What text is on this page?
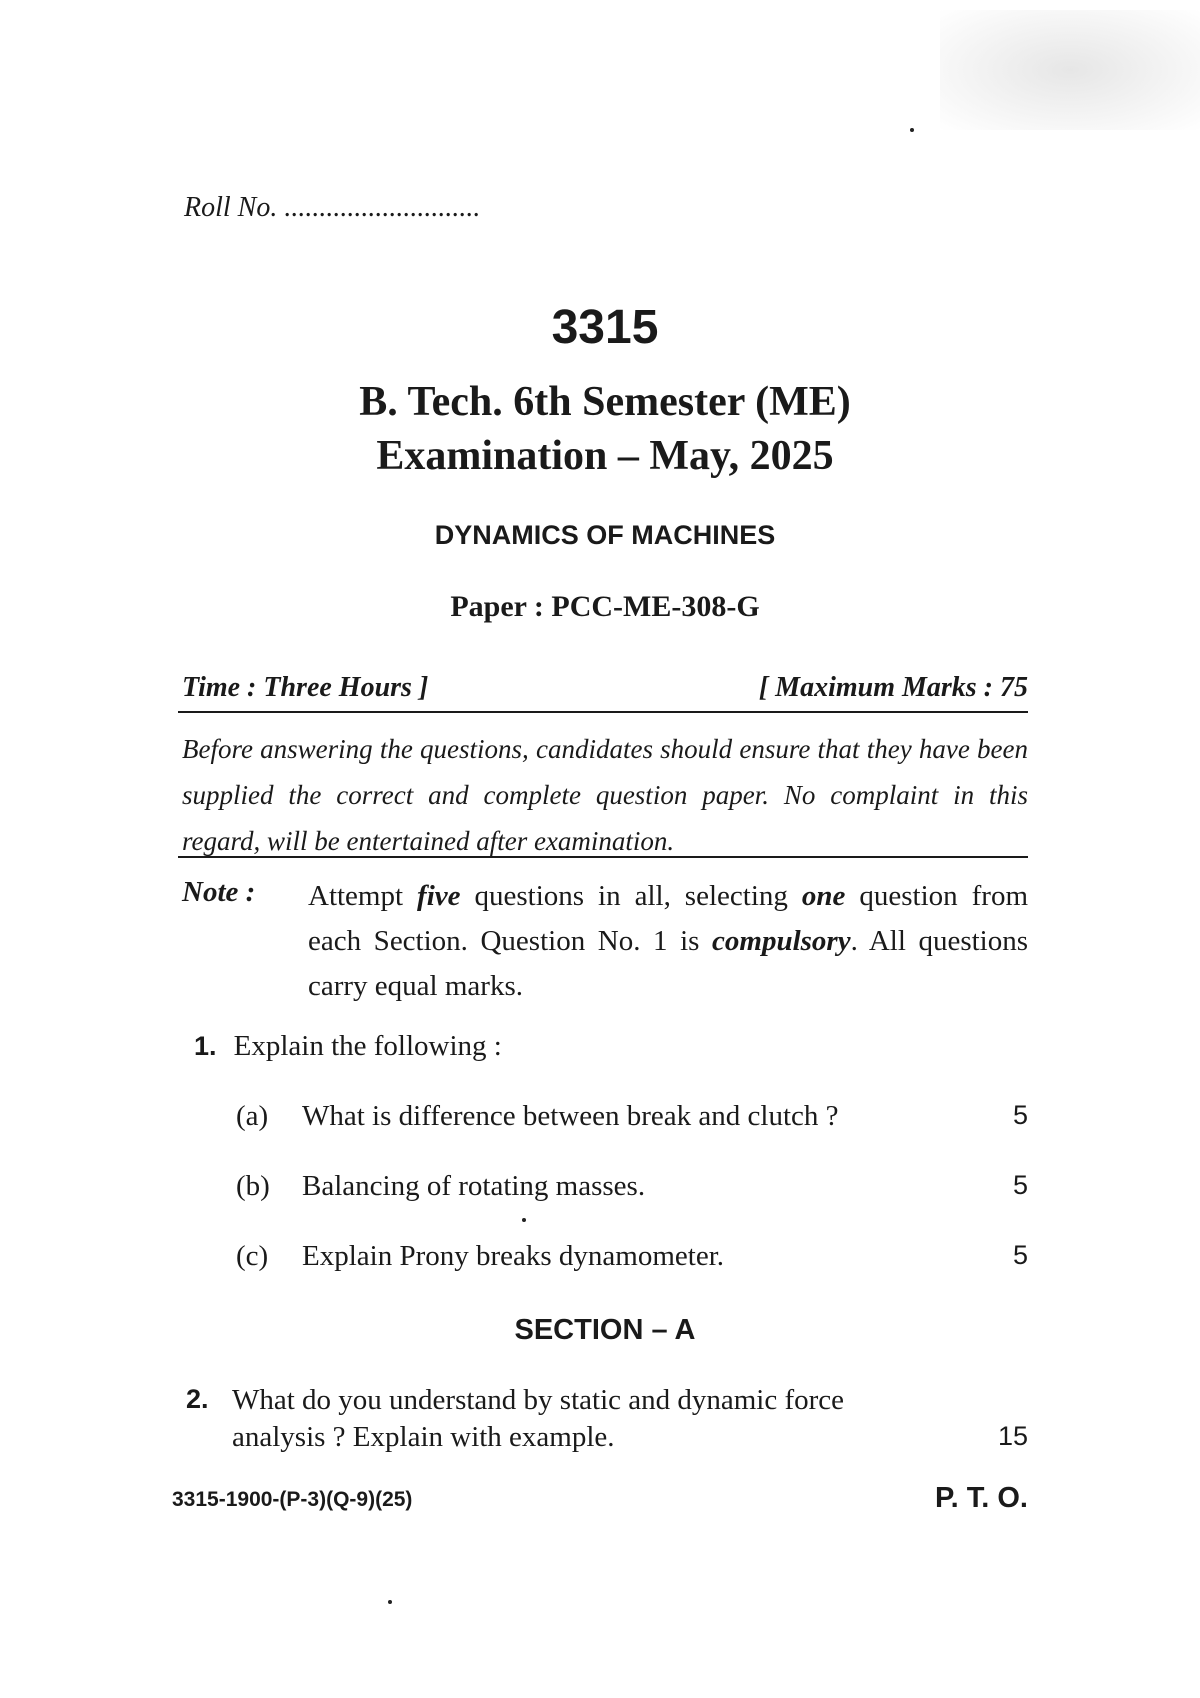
Roll No. ............................
3315
B. Tech. 6th Semester (ME)
Examination – May, 2025
DYNAMICS OF MACHINES
Paper : PCC-ME-308-G
Time : Three Hours ]	[ Maximum Marks : 75
Before answering the questions, candidates should ensure that they have been supplied the correct and complete question paper. No complaint in this regard, will be entertained after examination.
Note : Attempt five questions in all, selecting one question from each Section. Question No. 1 is compulsory. All questions carry equal marks.
1. Explain the following :
(a)	What is difference between break and clutch ?	5
(b)	Balancing of rotating masses.	5
(c)	Explain Prony breaks dynamometer.	5
SECTION – A
2. What do you understand by static and dynamic force
analysis ? Explain with example.	15
3315-1900-(P-3)(Q-9)(25)	P. T. O.
